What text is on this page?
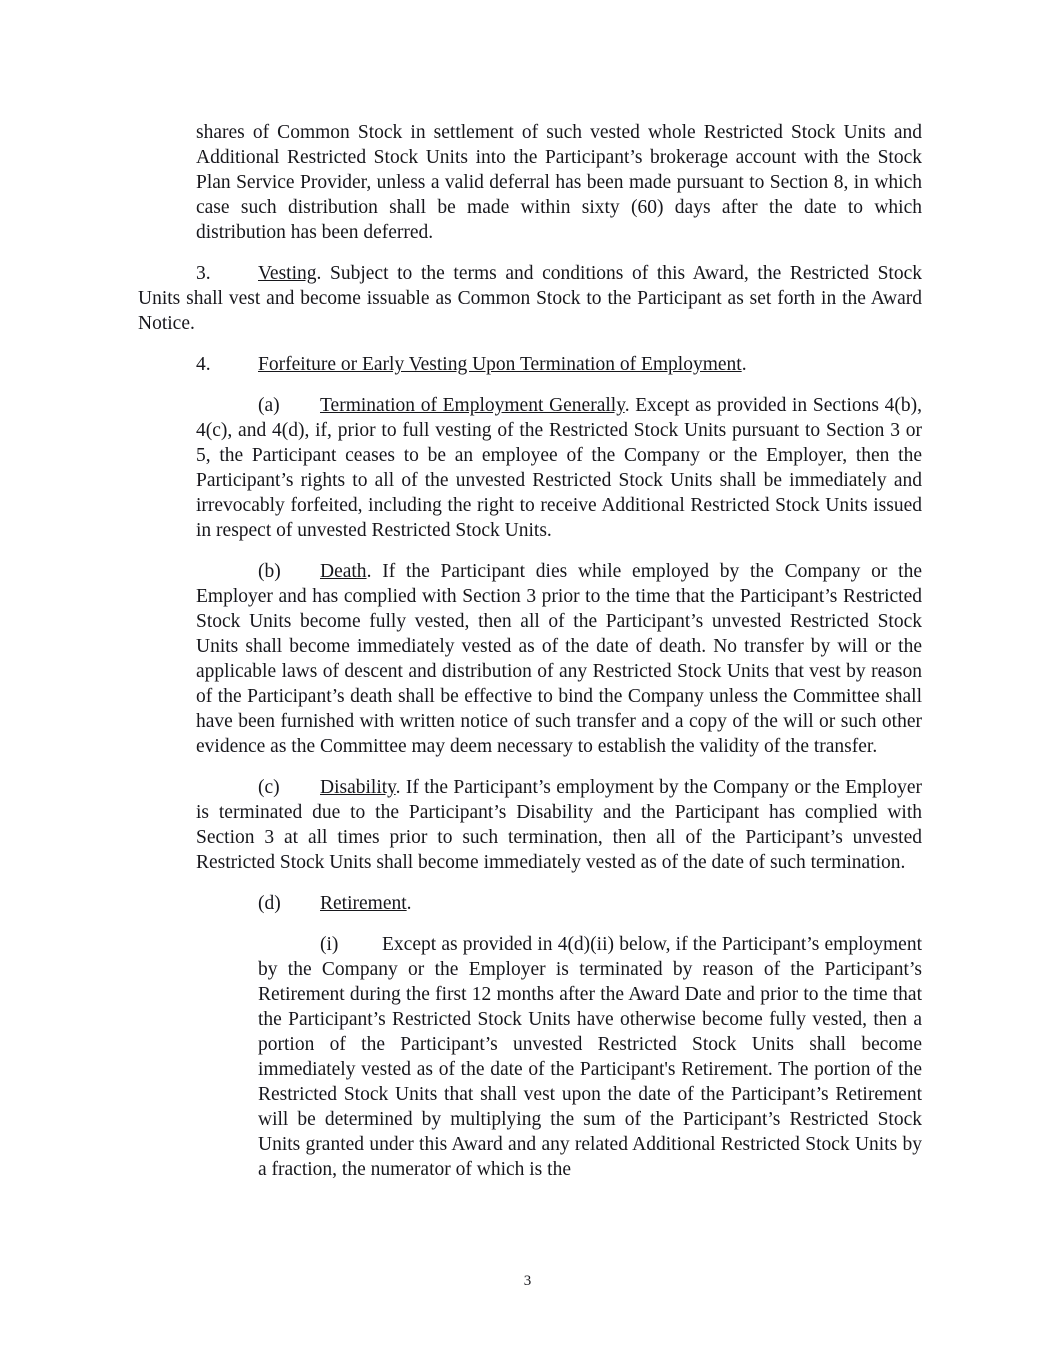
shares of Common Stock in settlement of such vested whole Restricted Stock Units and Additional Restricted Stock Units into the Participant’s brokerage account with the Stock Plan Service Provider, unless a valid deferral has been made pursuant to Section 8, in which case such distribution shall be made within sixty (60) days after the date to which distribution has been deferred.

3. Vesting. Subject to the terms and conditions of this Award, the Restricted Stock Units shall vest and become issuable as Common Stock to the Participant as set forth in the Award Notice.

4. Forfeiture or Early Vesting Upon Termination of Employment.

(a) Termination of Employment Generally. Except as provided in Sections 4(b), 4(c), and 4(d), if, prior to full vesting of the Restricted Stock Units pursuant to Section 3 or 5, the Participant ceases to be an employee of the Company or the Employer, then the Participant’s rights to all of the unvested Restricted Stock Units shall be immediately and irrevocably forfeited, including the right to receive Additional Restricted Stock Units issued in respect of unvested Restricted Stock Units.

(b) Death. If the Participant dies while employed by the Company or the Employer and has complied with Section 3 prior to the time that the Participant’s Restricted Stock Units become fully vested, then all of the Participant’s unvested Restricted Stock Units shall become immediately vested as of the date of death. No transfer by will or the applicable laws of descent and distribution of any Restricted Stock Units that vest by reason of the Participant’s death shall be effective to bind the Company unless the Committee shall have been furnished with written notice of such transfer and a copy of the will or such other evidence as the Committee may deem necessary to establish the validity of the transfer.

(c) Disability. If the Participant’s employment by the Company or the Employer is terminated due to the Participant’s Disability and the Participant has complied with Section 3 at all times prior to such termination, then all of the Participant’s unvested Restricted Stock Units shall become immediately vested as of the date of such termination.

(d) Retirement.

(i) Except as provided in 4(d)(ii) below, if the Participant’s employment by the Company or the Employer is terminated by reason of the Participant’s Retirement during the first 12 months after the Award Date and prior to the time that the Participant’s Restricted Stock Units have otherwise become fully vested, then a portion of the Participant’s unvested Restricted Stock Units shall become immediately vested as of the date of the Participant's Retirement. The portion of the Restricted Stock Units that shall vest upon the date of the Participant’s Retirement will be determined by multiplying the sum of the Participant’s Restricted Stock Units granted under this Award and any related Additional Restricted Stock Units by a fraction, the numerator of which is the

3
